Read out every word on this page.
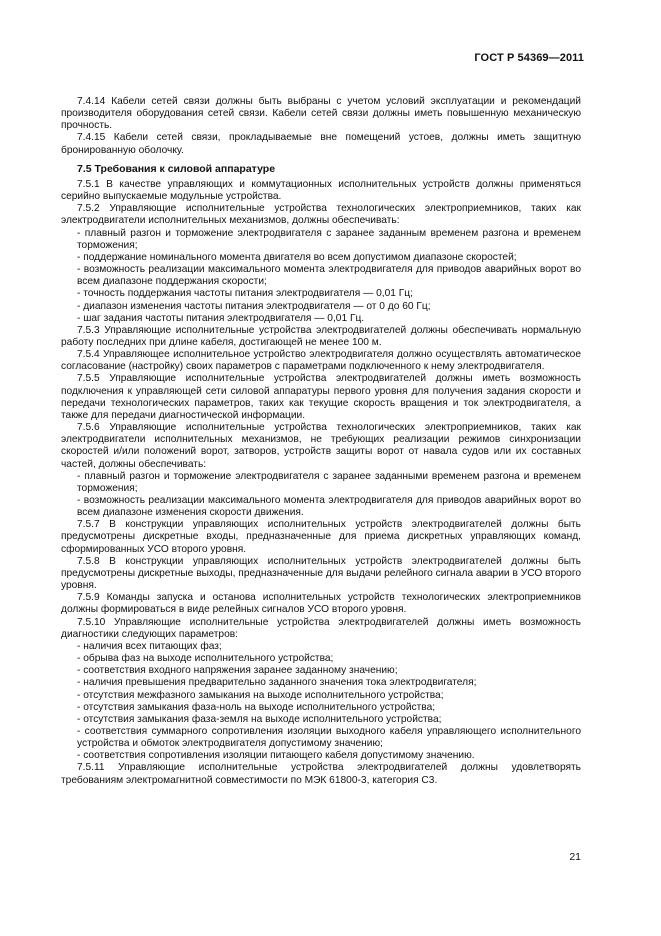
ГОСТ Р 54369—2011

7.4.14 Кабели сетей связи должны быть выбраны с учетом условий эксплуатации и рекомендаций производителя оборудования сетей связи. Кабели сетей связи должны иметь повышенную механическую прочность.

7.4.15 Кабели сетей связи, прокладываемые вне помещений устоев, должны иметь защитную бронированную оболочку.

7.5 Требования к силовой аппаратуре

7.5.1 В качестве управляющих и коммутационных исполнительных устройств должны применяться серийно выпускаемые модульные устройства.

7.5.2 Управляющие исполнительные устройства технологических электроприемников, таких как электродвигатели исполнительных механизмов, должны обеспечивать:

- плавный разгон и торможение электродвигателя с заранее заданным временем разгона и временем торможения;

- поддержание номинального момента двигателя во всем допустимом диапазоне скоростей;

- возможность реализации максимального момента электродвигателя для приводов аварийных ворот во всем диапазоне поддержания скорости;

- точность поддержания частоты питания электродвигателя — 0,01 Гц;

- диапазон изменения частоты питания электродвигателя — от 0 до 60 Гц;

- шаг задания частоты питания электродвигателя — 0,01 Гц.

7.5.3 Управляющие исполнительные устройства электродвигателей должны обеспечивать нормальную работу последних при длине кабеля, достигающей не менее 100 м.

7.5.4 Управляющее исполнительное устройство электродвигателя должно осуществлять автоматическое согласование (настройку) своих параметров с параметрами подключенного к нему электродвигателя.

7.5.5 Управляющие исполнительные устройства электродвигателей должны иметь возможность подключения к управляющей сети силовой аппаратуры первого уровня для получения задания скорости и передачи технологических параметров, таких как текущие скорость вращения и ток электродвигателя, а также для передачи диагностической информации.

7.5.6 Управляющие исполнительные устройства технологических электроприемников, таких как электродвигатели исполнительных механизмов, не требующих реализации режимов синхронизации скоростей и/или положений ворот, затворов, устройств защиты ворот от навала судов или их составных частей, должны обеспечивать:

- плавный разгон и торможение электродвигателя с заранее заданными временем разгона и временем торможения;

- возможность реализации максимального момента электродвигателя для приводов аварийных ворот во всем диапазоне изменения скорости движения.

7.5.7 В конструкции управляющих исполнительных устройств электродвигателей должны быть предусмотрены дискретные входы, предназначенные для приема дискретных управляющих команд, сформированных УСО второго уровня.

7.5.8 В конструкции управляющих исполнительных устройств электродвигателей должны быть предусмотрены дискретные выходы, предназначенные для выдачи релейного сигнала аварии в УСО второго уровня.

7.5.9 Команды запуска и останова исполнительных устройств технологических электроприемников должны формироваться в виде релейных сигналов УСО второго уровня.

7.5.10 Управляющие исполнительные устройства электродвигателей должны иметь возможность диагностики следующих параметров:

- наличия всех питающих фаз;

- обрыва фаз на выходе исполнительного устройства;

- соответствия входного напряжения заранее заданному значению;

- наличия превышения предварительно заданного значения тока электродвигателя;

- отсутствия межфазного замыкания на выходе исполнительного устройства;

- отсутствия замыкания фаза-ноль на выходе исполнительного устройства;

- отсутствия замыкания фаза-земля на выходе исполнительного устройства;

- соответствия суммарного сопротивления изоляции выходного кабеля управляющего исполнительного устройства и обмоток электродвигателя допустимому значению;

- соответствия сопротивления изоляции питающего кабеля допустимому значению.

7.5.11 Управляющие исполнительные устройства электродвигателей должны удовлетворять требованиям электромагнитной совместимости по МЭК 61800-3, категория С3.

21
